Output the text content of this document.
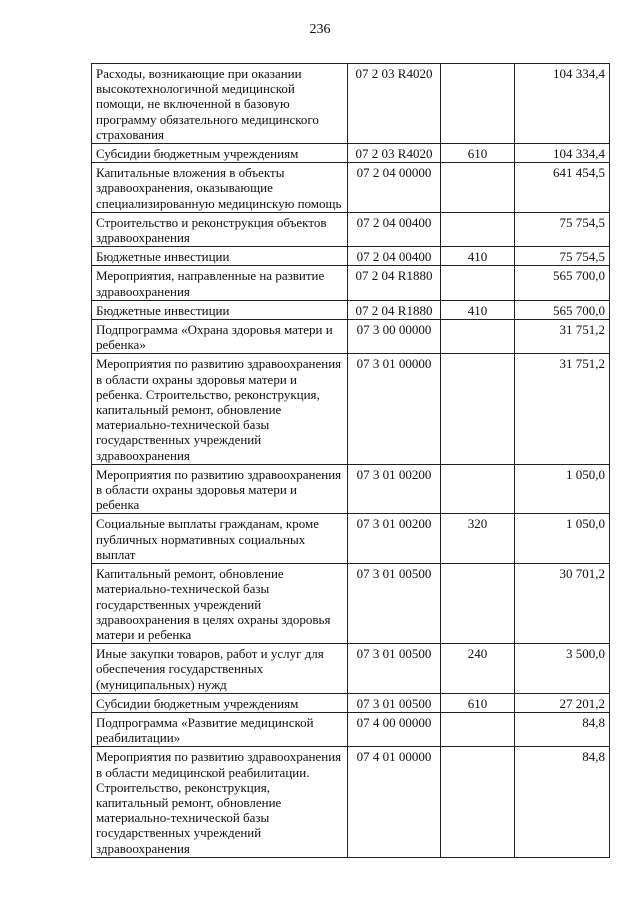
236
Расходы, возникающие при оказании высокотехнологичной медицинской помощи, не включенной в базовую программу обязательного медицинского страхования	07 2 03 R4020		104 334,4
Субсидии бюджетным учреждениям	07 2 03 R4020	610	104 334,4
Капитальные вложения в объекты здравоохранения, оказывающие специализированную медицинскую помощь	07 2 04 00000		641 454,5
Строительство и реконструкция объектов здравоохранения	07 2 04 00400		75 754,5
Бюджетные инвестиции	07 2 04 00400	410	75 754,5
Мероприятия, направленные на развитие здравоохранения	07 2 04 R1880		565 700,0
Бюджетные инвестиции	07 2 04 R1880	410	565 700,0
Подпрограмма «Охрана здоровья матери и ребенка»	07 3 00 00000		31 751,2
Мероприятия по развитию здравоохранения в области охраны здоровья матери и ребенка. Строительство, реконструкция, капитальный ремонт, обновление материально-технической базы государственных учреждений здравоохранения	07 3 01 00000		31 751,2
Мероприятия по развитию здравоохранения в области охраны здоровья матери и ребенка	07 3 01 00200		1 050,0
Социальные выплаты гражданам, кроме публичных нормативных социальных выплат	07 3 01 00200	320	1 050,0
Капитальный ремонт, обновление материально-технической базы государственных учреждений здравоохранения в целях охраны здоровья матери и ребенка	07 3 01 00500		30 701,2
Иные закупки товаров, работ и услуг для обеспечения государственных (муниципальных) нужд	07 3 01 00500	240	3 500,0
Субсидии бюджетным учреждениям	07 3 01 00500	610	27 201,2
Подпрограмма «Развитие медицинской реабилитации»	07 4 00 00000		84,8
Мероприятия по развитию здравоохранения в области медицинской реабилитации. Строительство, реконструкция, капитальный ремонт, обновление материально-технической базы государственных учреждений здравоохранения	07 4 01 00000		84,8
